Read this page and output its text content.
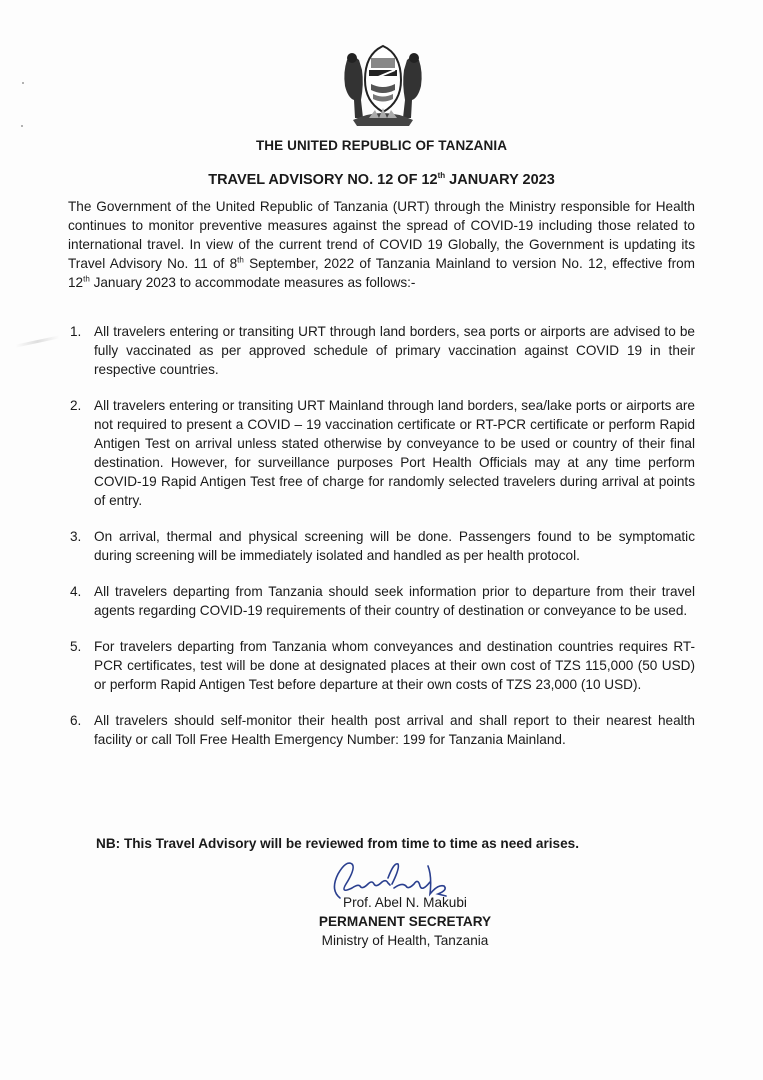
THE UNITED REPUBLIC OF TANZANIA
TRAVEL ADVISORY NO. 12 OF 12th JANUARY 2023
The Government of the United Republic of Tanzania (URT) through the Ministry responsible for Health continues to monitor preventive measures against the spread of COVID-19 including those related to international travel. In view of the current trend of COVID 19 Globally, the Government is updating its Travel Advisory No. 11 of 8th September, 2022 of Tanzania Mainland to version No. 12, effective from 12th January 2023 to accommodate measures as follows:-
1. All travelers entering or transiting URT through land borders, sea ports or airports are advised to be fully vaccinated as per approved schedule of primary vaccination against COVID 19 in their respective countries.
2. All travelers entering or transiting URT Mainland through land borders, sea/lake ports or airports are not required to present a COVID – 19 vaccination certificate or RT-PCR certificate or perform Rapid Antigen Test on arrival unless stated otherwise by conveyance to be used or country of their final destination. However, for surveillance purposes Port Health Officials may at any time perform COVID-19 Rapid Antigen Test free of charge for randomly selected travelers during arrival at points of entry.
3. On arrival, thermal and physical screening will be done. Passengers found to be symptomatic during screening will be immediately isolated and handled as per health protocol.
4. All travelers departing from Tanzania should seek information prior to departure from their travel agents regarding COVID-19 requirements of their country of destination or conveyance to be used.
5. For travelers departing from Tanzania whom conveyances and destination countries requires RT- PCR certificates, test will be done at designated places at their own cost of TZS 115,000 (50 USD) or perform Rapid Antigen Test before departure at their own costs of TZS 23,000 (10 USD).
6. All travelers should self-monitor their health post arrival and shall report to their nearest health facility or call Toll Free Health Emergency Number: 199 for Tanzania Mainland.
NB: This Travel Advisory will be reviewed from time to time as need arises.
Prof. Abel N. Makubi
PERMANENT SECRETARY
Ministry of Health, Tanzania
